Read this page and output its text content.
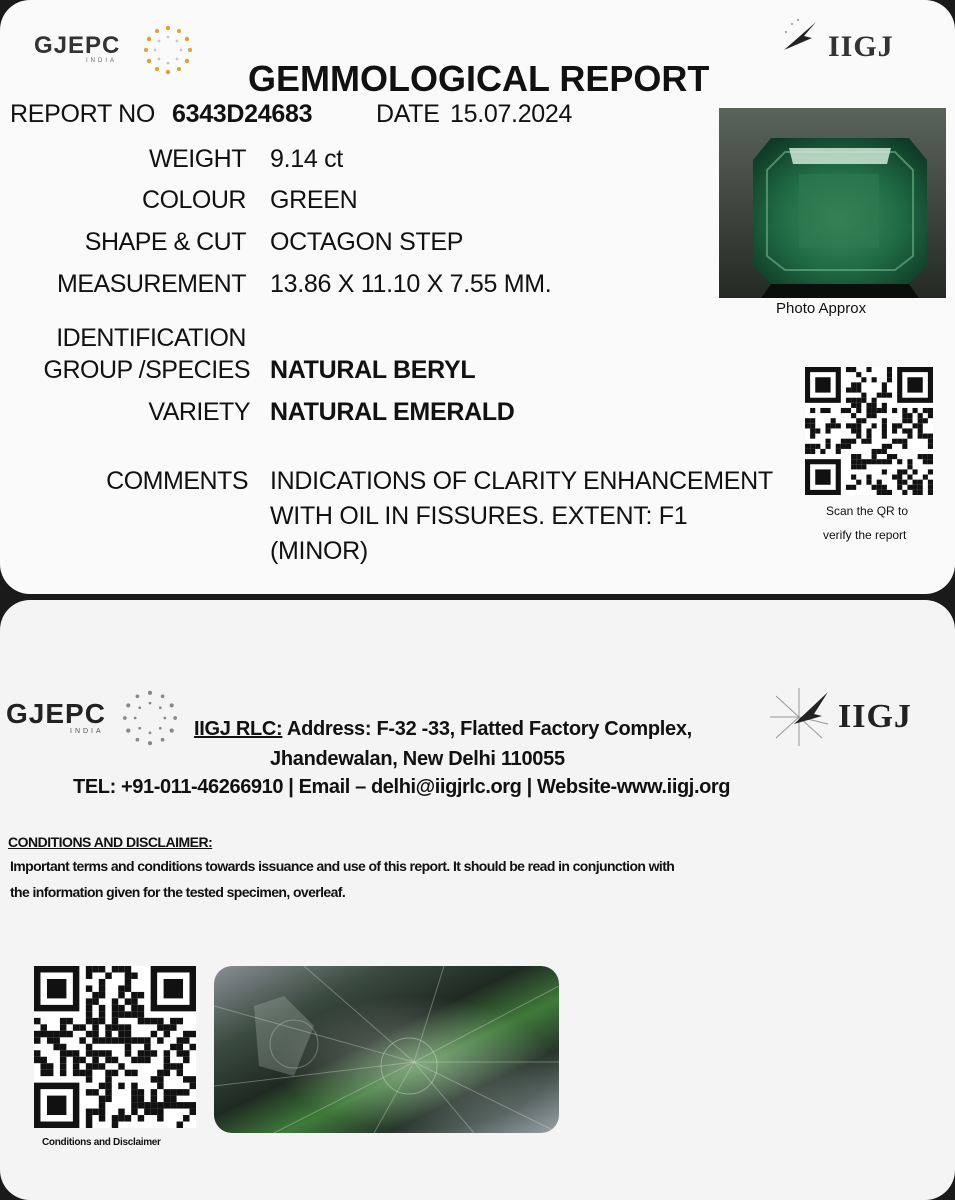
GJEPC
INDIA	IIGJ
GEMMOLOGICAL REPORT
REPORT NO 6343D24683	DATE 15.07.2024
WEIGHT 9.14 ct
COLOUR GREEN
SHAPE & CUT OCTAGON STEP
MEASUREMENT 13.86 X 11.10 X 7.55 MM.
IDENTIFICATION
GROUP /SPECIES NATURAL BERYL
VARIETY NATURAL EMERALD
COMMENTS INDICATIONS OF CLARITY ENHANCEMENT
WITH OIL IN FISSURES. EXTENT: F1
(MINOR)
Photo Approx
Scan the QR to
verify the report
GJEPC
INDIA	IIGJ
IIGJ RLC: Address: F-32 -33, Flatted Factory Complex,
Jhandewalan, New Delhi 110055
TEL: +91-011-46266910 | Email – delhi@iigjrlc.org | Website-www.iigj.org
CONDITIONS AND DISCLAIMER:
Important terms and conditions towards issuance and use of this report. It should be read in conjunction with
the information given for the tested specimen, overleaf.
Conditions and Disclaimer
